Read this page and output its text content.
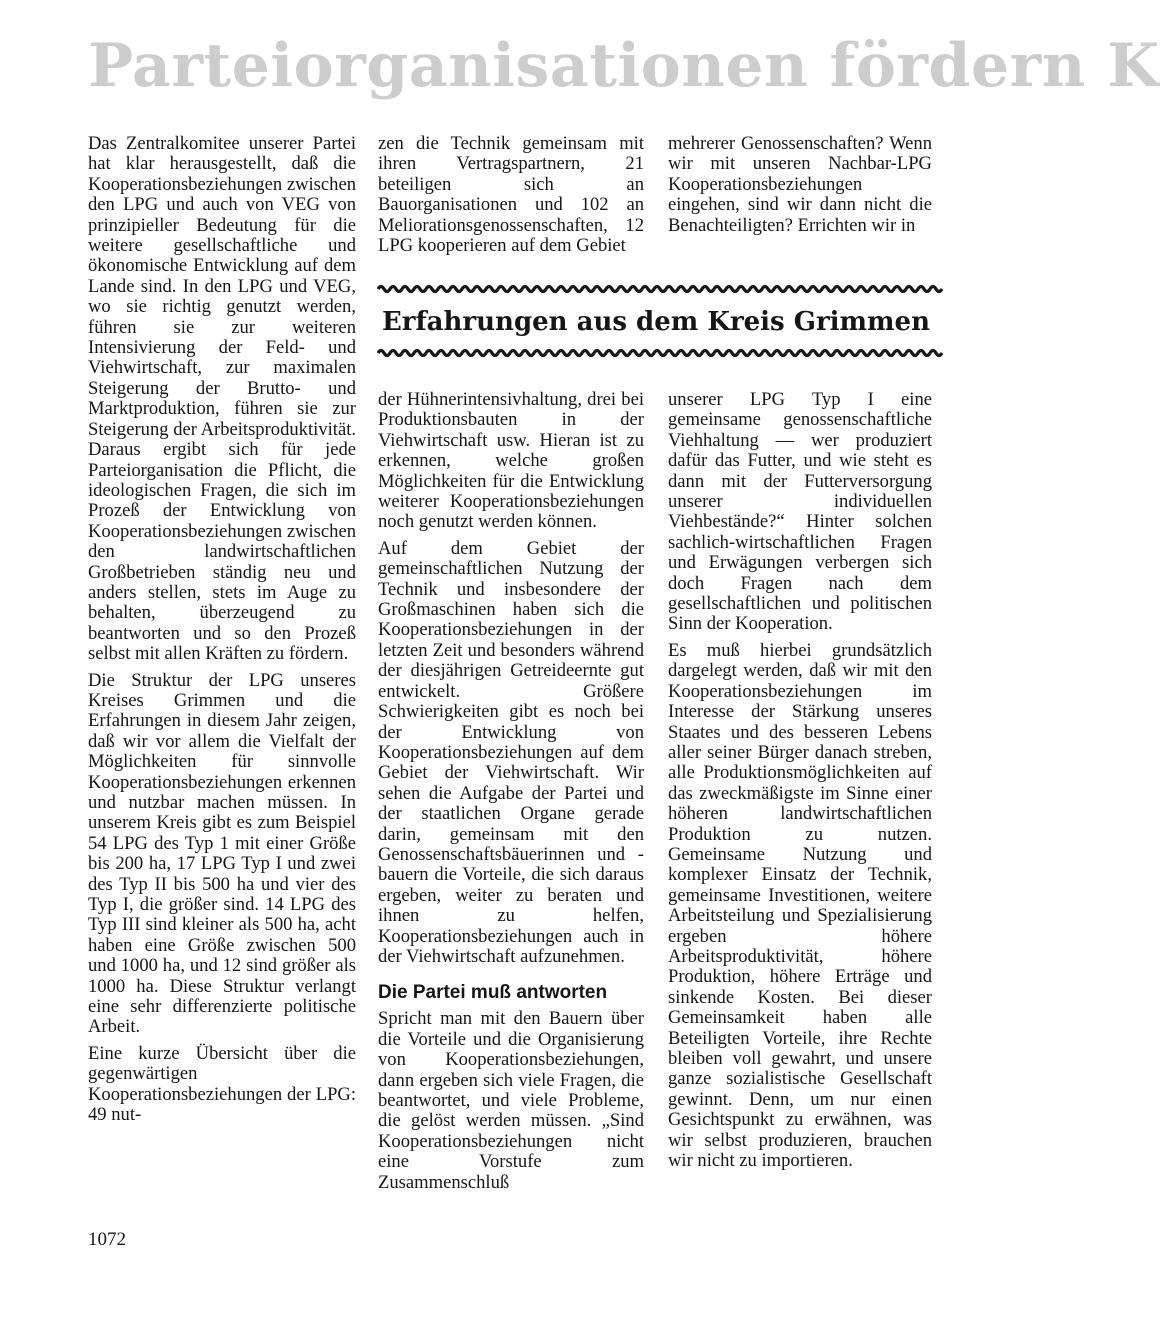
Parteiorganisationen fördern K

Das Zentralkomitee unserer Partei hat klar herausgestellt, daß die Kooperationsbeziehungen zwischen den LPG und auch von VEG von prinzipieller Bedeutung für die weitere gesellschaftliche und ökonomische Entwicklung auf dem Lande sind. In den LPG und VEG, wo sie richtig genutzt werden, führen sie zur weiteren Intensivierung der Feld- und Viehwirtschaft, zur maximalen Steigerung der Brutto- und Marktproduktion, führen sie zur Steigerung der Arbeitsproduktivität. Daraus ergibt sich für jede Parteiorganisation die Pflicht, die ideologischen Fragen, die sich im Prozeß der Entwicklung von Kooperationsbeziehungen zwischen den landwirtschaftlichen Großbetrieben ständig neu und anders stellen, stets im Auge zu behalten, überzeugend zu beantworten und so den Prozeß selbst mit allen Kräften zu fördern.

Die Struktur der LPG unseres Kreises Grimmen und die Erfahrungen in diesem Jahr zeigen, daß wir vor allem die Vielfalt der Möglichkeiten für sinnvolle Kooperationsbeziehungen erkennen und nutzbar machen müssen. In unserem Kreis gibt es zum Beispiel 54 LPG des Typ 1 mit einer Größe bis 200 ha, 17 LPG Typ I und zwei des Typ II bis 500 ha und vier des Typ I, die größer sind. 14 LPG des Typ III sind kleiner als 500 ha, acht haben eine Größe zwischen 500 und 1000 ha, und 12 sind größer als 1000 ha. Diese Struktur verlangt eine sehr differenzierte politische Arbeit.

Eine kurze Übersicht über die gegenwärtigen Kooperationsbeziehungen der LPG: 49 nut-

zen die Technik gemeinsam mit ihren Vertragspartnern, 21 beteiligen sich an Bauorganisationen und 102 an Meliorationsgenossenschaften, 12 LPG kooperieren auf dem Gebiet

mehrerer Genossenschaften? Wenn wir mit unseren Nachbar-LPG Kooperationsbeziehungen eingehen, sind wir dann nicht die Benachteiligten? Errichten wir in

Erfahrungen aus dem Kreis Grimmen

der Hühnerintensivhaltung, drei bei Produktionsbauten in der Viehwirtschaft usw. Hieran ist zu erkennen, welche großen Möglichkeiten für die Entwicklung weiterer Kooperationsbeziehungen noch genutzt werden können.

Auf dem Gebiet der gemeinschaftlichen Nutzung der Technik und insbesondere der Großmaschinen haben sich die Kooperationsbeziehungen in der letzten Zeit und besonders während der diesjährigen Getreideernte gut entwickelt. Größere Schwierigkeiten gibt es noch bei der Entwicklung von Kooperationsbeziehungen auf dem Gebiet der Viehwirtschaft. Wir sehen die Aufgabe der Partei und der staatlichen Organe gerade darin, gemeinsam mit den Genossenschaftsbäuerinnen und -bauern die Vorteile, die sich daraus ergeben, weiter zu beraten und ihnen zu helfen, Kooperationsbeziehungen auch in der Viehwirtschaft aufzunehmen.

Die Partei muß antworten

Spricht man mit den Bauern über die Vorteile und die Organisierung von Kooperationsbeziehungen, dann ergeben sich viele Fragen, die beantwortet, und viele Probleme, die gelöst werden müssen. „Sind Kooperationsbeziehungen nicht eine Vorstufe zum Zusammenschluß

unserer LPG Typ I eine gemeinsame genossenschaftliche Viehhaltung — wer produziert dafür das Futter, und wie steht es dann mit der Futterversorgung unserer individuellen Viehbestände?“ Hinter solchen sachlich-wirtschaftlichen Fragen und Erwägungen verbergen sich doch Fragen nach dem gesellschaftlichen und politischen Sinn der Kooperation.

Es muß hierbei grundsätzlich dargelegt werden, daß wir mit den Kooperationsbeziehungen im Interesse der Stärkung unseres Staates und des besseren Lebens aller seiner Bürger danach streben, alle Produktionsmöglichkeiten auf das zweckmäßigste im Sinne einer höheren landwirtschaftlichen Produktion zu nutzen. Gemeinsame Nutzung und komplexer Einsatz der Technik, gemeinsame Investitionen, weitere Arbeitsteilung und Spezialisierung ergeben höhere Arbeitsproduktivität, höhere Produktion, höhere Erträge und sinkende Kosten. Bei dieser Gemeinsamkeit haben alle Beteiligten Vorteile, ihre Rechte bleiben voll gewahrt, und unsere ganze sozialistische Gesellschaft gewinnt. Denn, um nur einen Gesichtspunkt zu erwähnen, was wir selbst produzieren, brauchen wir nicht zu importieren.

1072
